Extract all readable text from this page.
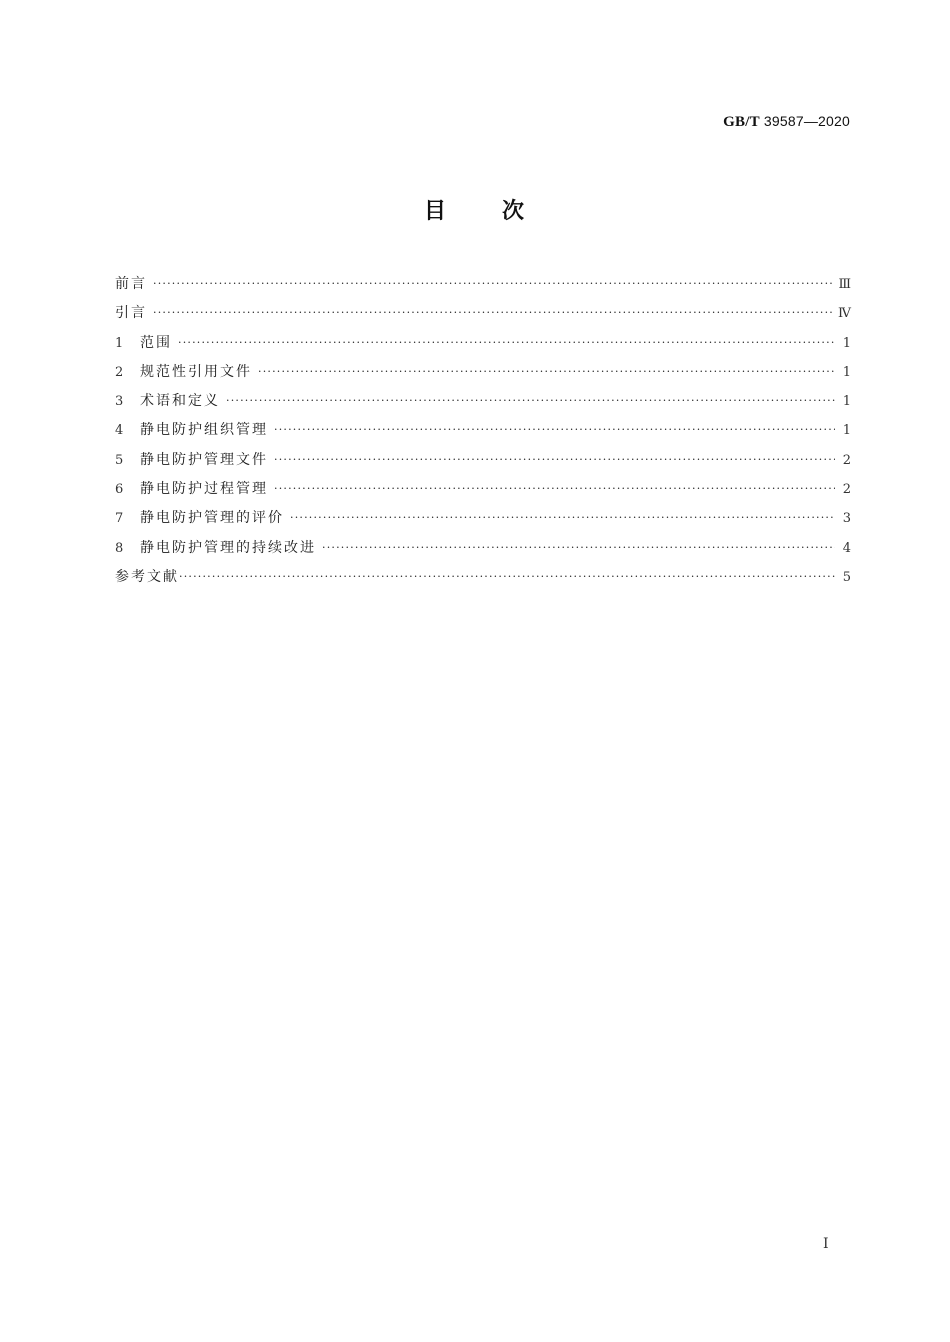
GB/T 39587—2020
目 次
前言 ·····	Ⅲ
引言 ·····	Ⅳ
1	范围 ·····	1
2	规范性引用文件 ·····	1
3	术语和定义 ·····	1
4	静电防护组织管理 ·····	1
5	静电防护管理文件 ·····	2
6	静电防护过程管理 ·····	2
7	静电防护管理的评价 ·····	3
8	静电防护管理的持续改进 ·····	4
参考文献 ·····	5
I
